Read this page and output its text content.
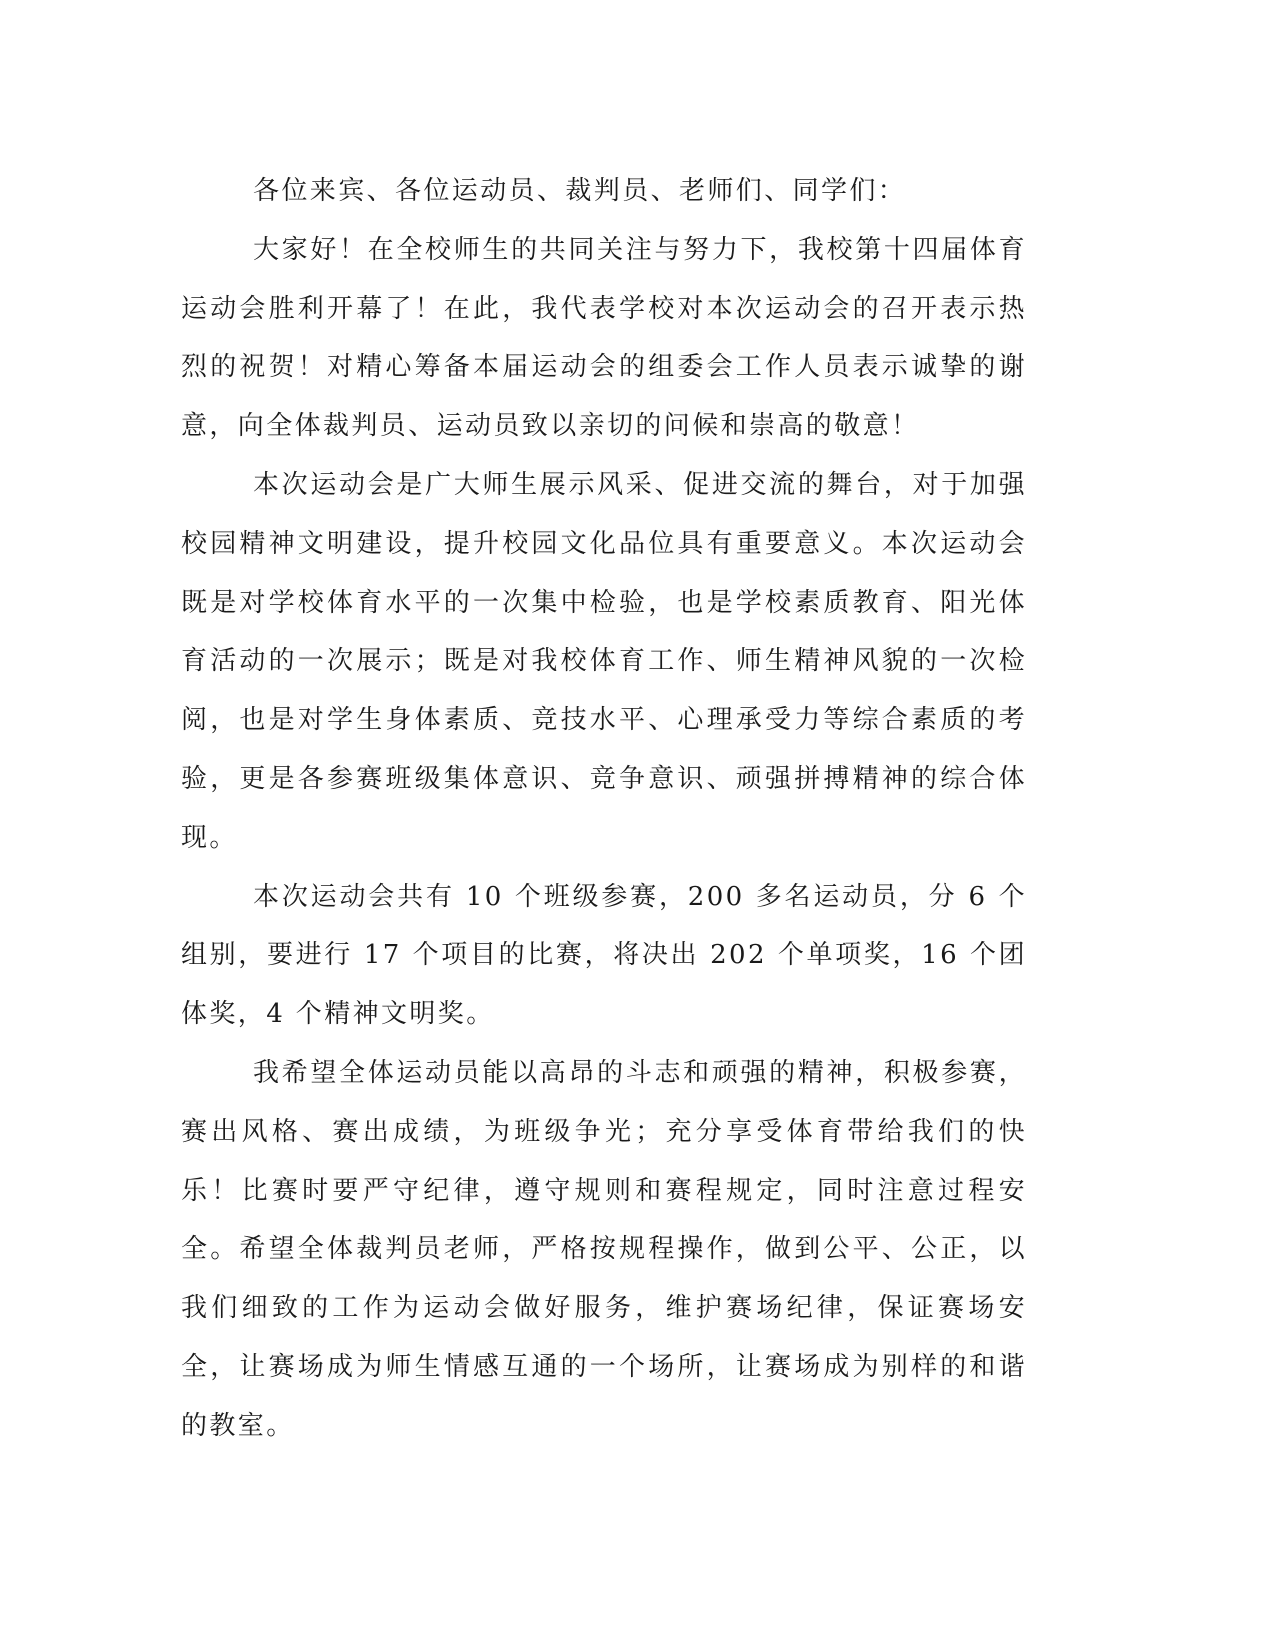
各位来宾、各位运动员、裁判员、老师们、同学们：

大家好！在全校师生的共同关注与努力下，我校第十四届体育运动会胜利开幕了！在此，我代表学校对本次运动会的召开表示热烈的祝贺！对精心筹备本届运动会的组委会工作人员表示诚挚的谢意，向全体裁判员、运动员致以亲切的问候和崇高的敬意！

本次运动会是广大师生展示风采、促进交流的舞台，对于加强校园精神文明建设，提升校园文化品位具有重要意义。本次运动会既是对学校体育水平的一次集中检验，也是学校素质教育、阳光体育活动的一次展示；既是对我校体育工作、师生精神风貌的一次检阅，也是对学生身体素质、竞技水平、心理承受力等综合素质的考验，更是各参赛班级集体意识、竞争意识、顽强拼搏精神的综合体现。

本次运动会共有 10 个班级参赛，200 多名运动员，分 6 个组别，要进行 17 个项目的比赛，将决出 202 个单项奖，16 个团体奖，4 个精神文明奖。

我希望全体运动员能以高昂的斗志和顽强的精神，积极参赛，赛出风格、赛出成绩，为班级争光；充分享受体育带给我们的快乐！比赛时要严守纪律，遵守规则和赛程规定，同时注意过程安全。希望全体裁判员老师，严格按规程操作，做到公平、公正，以我们细致的工作为运动会做好服务，维护赛场纪律，保证赛场安全，让赛场成为师生情感互通的一个场所，让赛场成为别样的和谐的教室。
